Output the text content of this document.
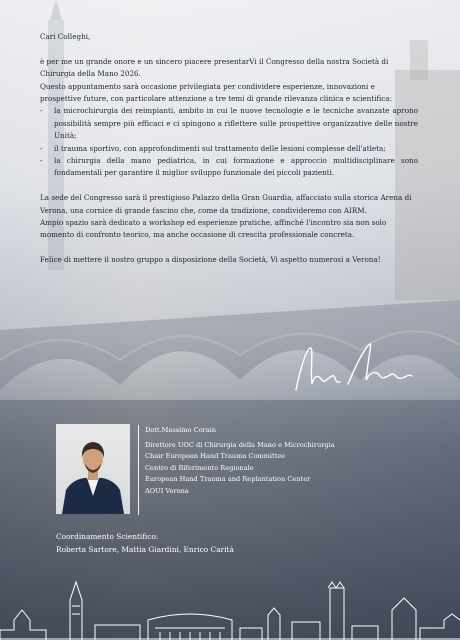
Cari Colleghi,

è per me un grande onore e un sincero piacere presentarVi il Congresso della nostra Società di Chirurgia della Mano 2026.

Questo appuntamento sarà occasione privilegiata per condividere esperienze, innovazioni e prospettive future, con particolare attenzione a tre temi di grande rilevanza clinica e scientifica:

-	la microchirurgia dei reimpianti, ambito in cui le nuove tecnologie e le tecniche avanzate aprono possibilità sempre più efficaci e ci spingono a riflettere sulle prospettive organizzative delle nostre Unità;
-	il trauma sportivo, con approfondimenti sul trattamento delle lesioni complesse dell'atleta;
-	la chirurgia della mano pediatrica, in cui formazione e approccio multidisciplinare sono fondamentali per garantire il miglior sviluppo funzionale dei piccoli pazienti.

La sede del Congresso sarà il prestigioso Palazzo della Gran Guardia, affacciato sulla storica Arena di Verona, una cornice di grande fascino che, come da tradizione, condivideremo con AIRM.

Ampio spazio sarà dedicato a workshop ed esperienze pratiche, affinché l'incontro sia non solo momento di confronto teorico, ma anche occasione di crescita professionale concreta.

Felice di mettere il nostro gruppo a disposizione della Società, Vi aspetto numerosi a Verona!

Dott.Massimo Corain
Direttore UOC di Chirurgia della Mano e Microchirurgia
Chair European Hand Trauma Committee
Centro di Riferimento Regionale
European Hand Trauma and Replantation Center
AOUI Verona
Coordinamento Scientifico:
Roberta Sartore, Mattia Giardini, Enrico Carità
